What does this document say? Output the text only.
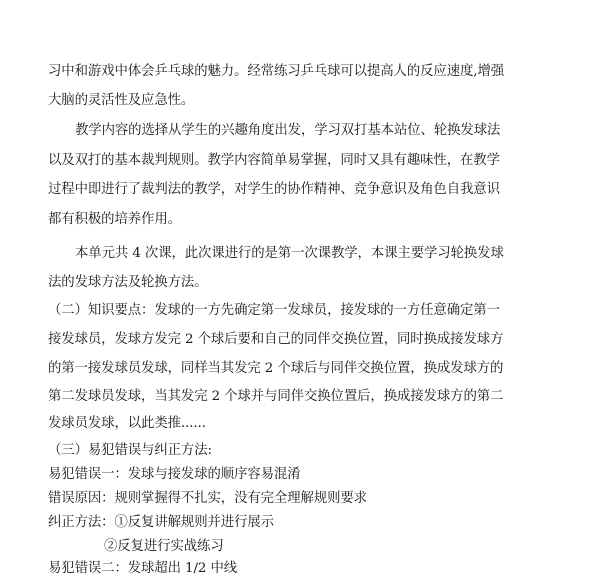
习中和游戏中体会乒乓球的魅力。经常练习乒乓球可以提高人的反应速度,增强
大脑的灵活性及应急性。
教学内容的选择从学生的兴趣角度出发，学习双打基本站位、轮换发球法
以及双打的基本裁判规则。教学内容简单易掌握，同时又具有趣味性，在教学
过程中即进行了裁判法的教学，对学生的协作精神、竞争意识及角色自我意识
都有积极的培养作用。
本单元共 4 次课，此次课进行的是第一次课教学，本课主要学习轮换发球
法的发球方法及轮换方法。
（二）知识要点：发球的一方先确定第一发球员，接发球的一方任意确定第一
接发球员，发球方发完 2 个球后要和自己的同伴交换位置，同时换成接发球方
的第一接发球员发球，同样当其发完 2 个球后与同伴交换位置，换成发球方的
第二发球员发球，当其发完 2 个球并与同伴交换位置后，换成接发球方的第二
发球员发球，以此类推......
（三）易犯错误与纠正方法:
易犯错误一：发球与接发球的顺序容易混淆
错误原因：规则掌握得不扎实，没有完全理解规则要求
纠正方法：①反复讲解规则并进行展示
②反复进行实战练习
易犯错误二：发球超出 1/2 中线
